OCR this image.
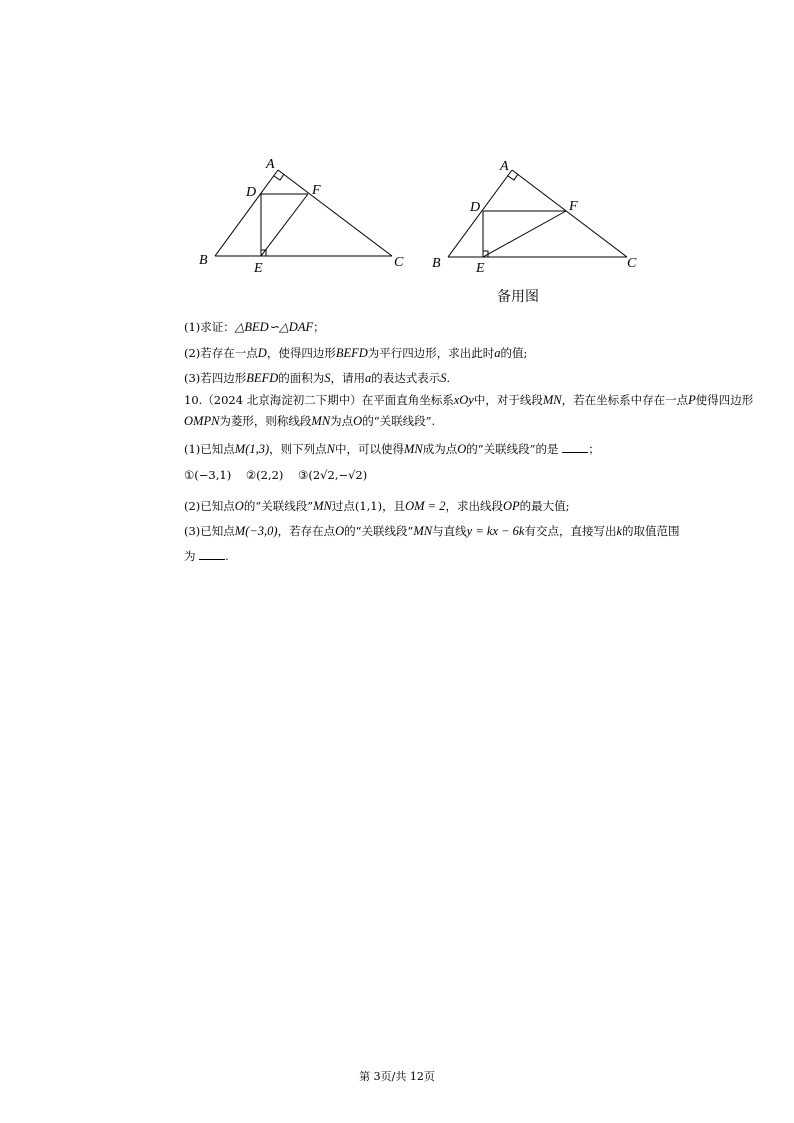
A
D	F
B
E	C
A
D	F
B	E	C
备用图
(1)求证：△BED∽△DAF；
(2)若存在一点D，使得四边形BEFD为平行四边形，求出此时a的值;
(3)若四边形BEFD的面积为S，请用a的表达式表示S.
10.（2024 北京海淀初二下期中）在平面直角坐标系xOy中，对于线段MN，若在坐标系中存在一点P使得四边形OMPN为菱形，则称线段MN为点O的“关联线段”.
(1)已知点M(1,3)，则下列点N中，可以使得MN成为点O的“关联线段”的是	；
①(−3,1) ②(2,2) ③(2√2,−√2)
(2)已知点O的“关联线段”MN过点(1,1)，且OM = 2，求出线段OP的最大值;
(3)已知点M(−3,0)，若存在点O的“关联线段”MN与直线y = kx − 6k有交点，直接写出k的取值范围
为	.
第 3页/共 12页
